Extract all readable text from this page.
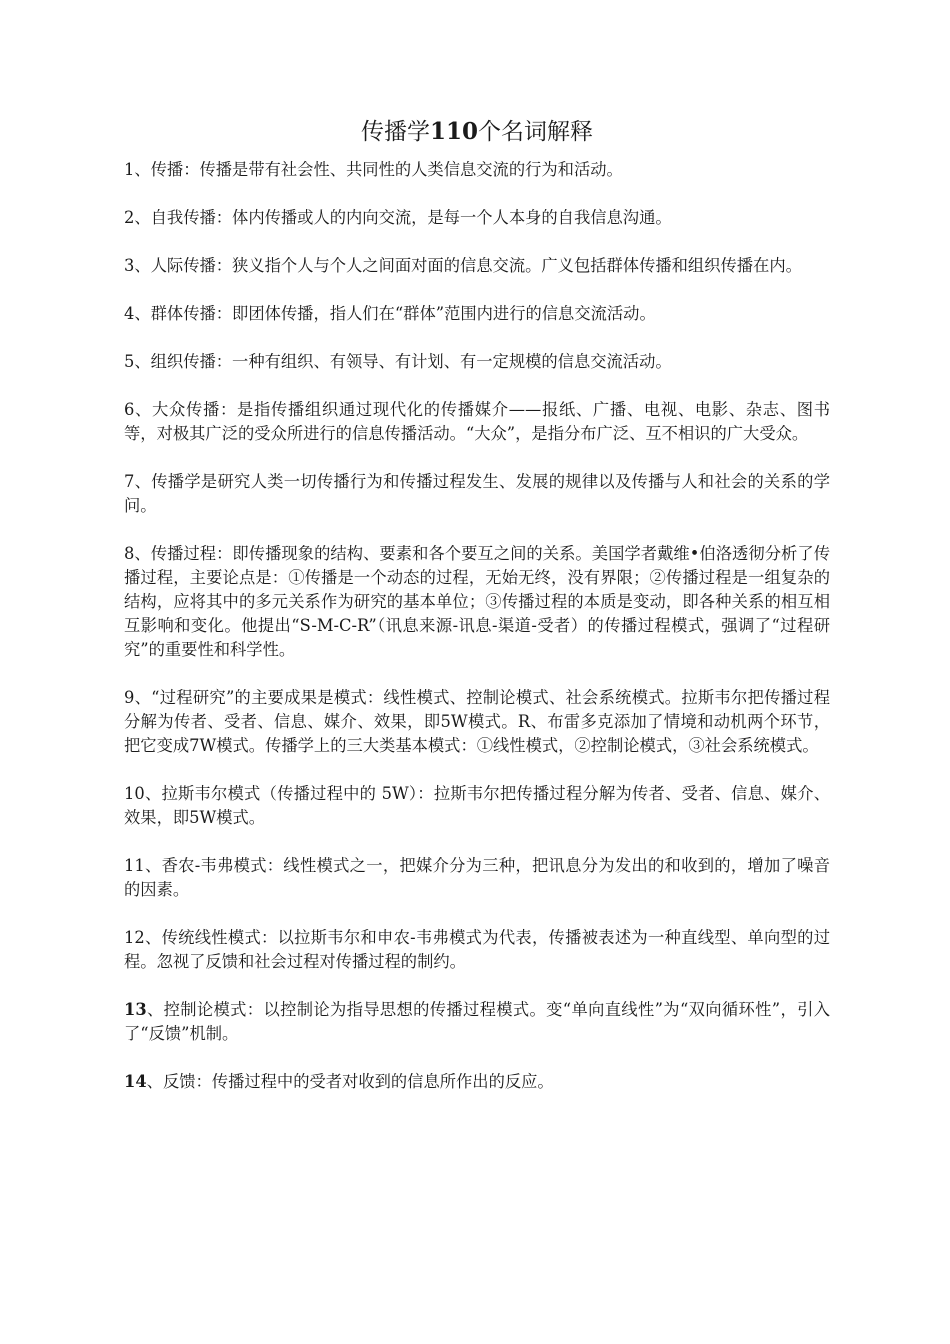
传播学110个名词解释

1、传播：传播是带有社会性、共同性的人类信息交流的行为和活动。

2、自我传播：体内传播或人的内向交流，是每一个人本身的自我信息沟通。

3、人际传播：狭义指个人与个人之间面对面的信息交流。广义包括群体传播和组织传播在内。

4、群体传播：即团体传播，指人们在“群体”范围内进行的信息交流活动。

5、组织传播：一种有组织、有领导、有计划、有一定规模的信息交流活动。

6、大众传播：是指传播组织通过现代化的传播媒介——报纸、广播、电视、电影、杂志、图书等，对极其广泛的受众所进行的信息传播活动。“大众”，是指分布广泛、互不相识的广大受众。

7、传播学是研究人类一切传播行为和传播过程发生、发展的规律以及传播与人和社会的关系的学问。

8、传播过程：即传播现象的结构、要素和各个要互之间的关系。美国学者戴维•伯洛透彻分析了传播过程，主要论点是：①传播是一个动态的过程，无始无终，没有界限；②传播过程是一组复杂的结构，应将其中的多元关系作为研究的基本单位；③传播过程的本质是变动，即各种关系的相互相互影响和变化。他提出“S-M-C-R”（讯息来源-讯息-渠道-受者）的传播过程模式，强调了“过程研究”的重要性和科学性。

9、“过程研究”的主要成果是模式：线性模式、控制论模式、社会系统模式。拉斯韦尔把传播过程分解为传者、受者、信息、媒介、效果，即5W模式。R、布雷多克添加了情境和动机两个环节，把它变成7W模式。传播学上的三大类基本模式：①线性模式，②控制论模式，③社会系统模式。

10、拉斯韦尔模式（传播过程中的 5W）：拉斯韦尔把传播过程分解为传者、受者、信息、媒介、效果，即5W模式。

11、香农-韦弗模式：线性模式之一，把媒介分为三种，把讯息分为发出的和收到的，增加了噪音的因素。

12、传统线性模式：以拉斯韦尔和申农-韦弗模式为代表，传播被表述为一种直线型、单向型的过程。忽视了反馈和社会过程对传播过程的制约。

13、控制论模式：以控制论为指导思想的传播过程模式。变“单向直线性”为“双向循环性”，引入了“反馈”机制。

14、反馈：传播过程中的受者对收到的信息所作出的反应。
